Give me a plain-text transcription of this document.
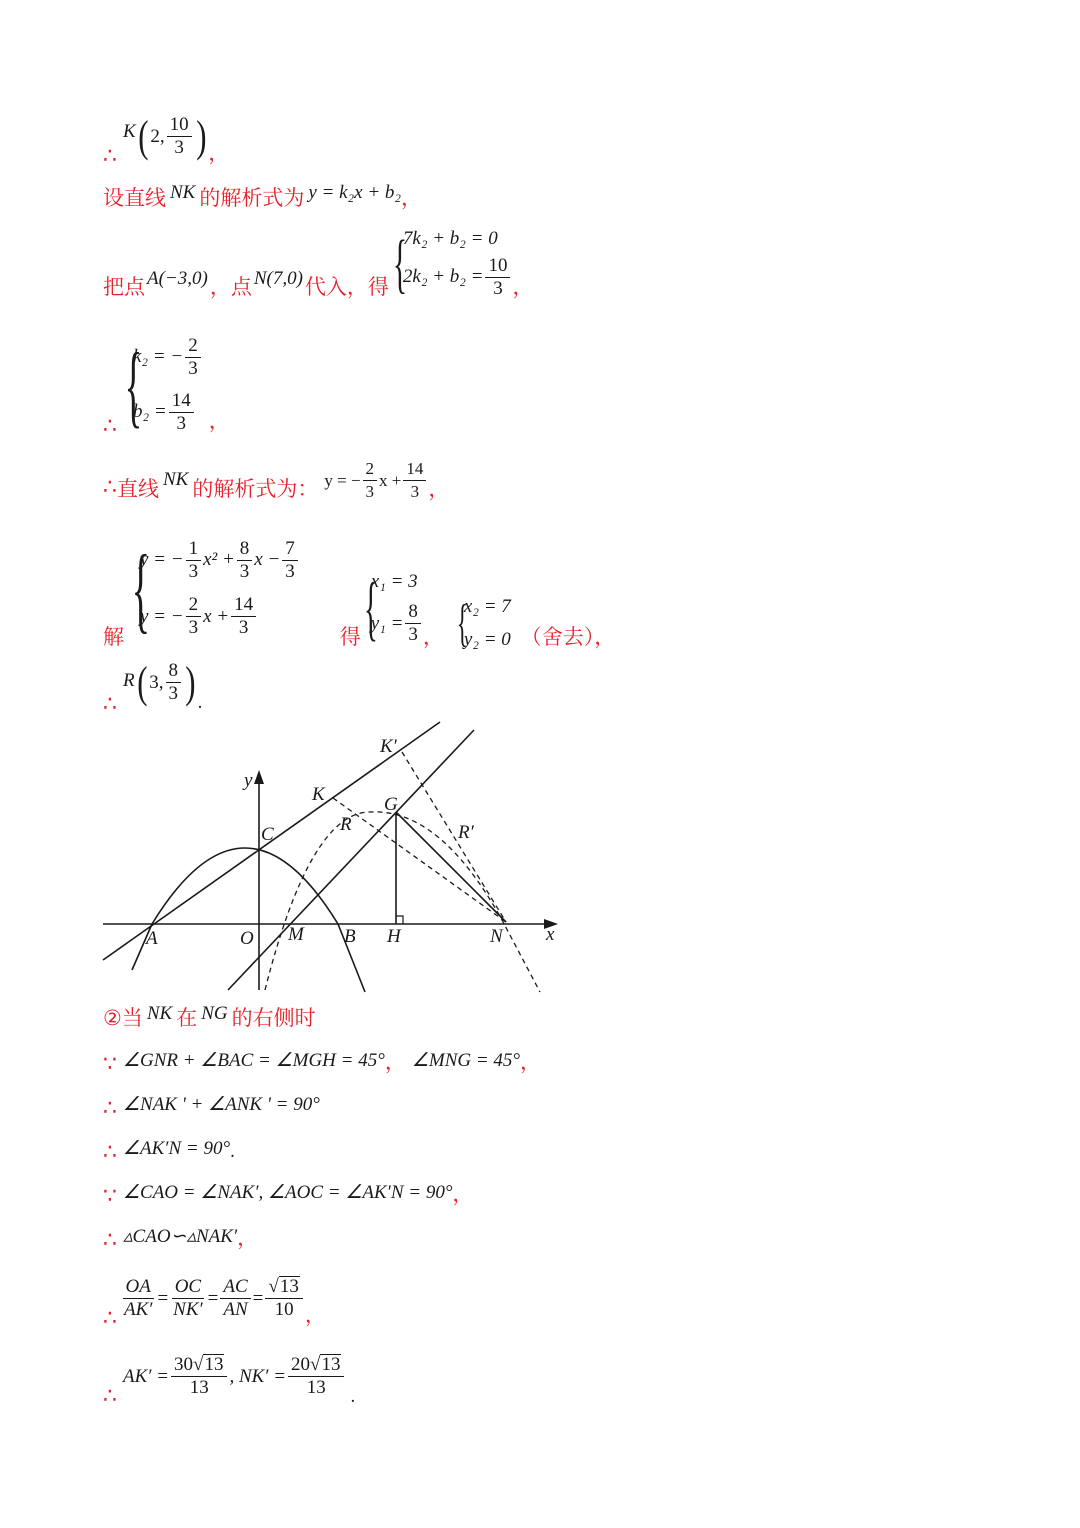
∴
K ( 2, $\frac{10}{3}$ ) ，
设直线 NK 的解析式为 y = k₂x + b₂ ，
把点 A(−3,0) ，点 N(7,0) 代入，得 {
7k₂ + b₂ = 0
$2k_2 + b_2 = \frac{10}{3}$ ，
∴ {
k₂ = − $\frac{2}{3}$
$b_2 = \frac{14}{3}$ ，
∴ 直线 NK 的解析式为： y = − $\frac{2}{3}$ $x + \frac{14}{3}$ ，
解 {
y = − $\frac{1}{3} x^2 + \frac{8}{3}$ $x - \frac{7}{3}$
y = − $\frac{2}{3}$ $x + \frac{14}{3}$	得 {
x₁ = 3
$y_1 = \frac{8}{3}$ ， {
x₂ = 7
y₂ = 0 （舍去），
∴
R ( 3, $\frac{8}{3}$ ) .
y
x
K′
K	G
R	R′
C
A	O M B H	N
②当 NK 在 NG 的右侧时
∵ ∠GNR + ∠BAC = ∠MGH = 45° ， ∠MNG = 45° ，
∴ ∠NAK ' + ∠ANK ' = 90°
∴ ∠AK′N = 90° .
∵ ∠CAO = ∠NAK′, ∠AOC = ∠AK′N = 90° ，
∴ ▵CAO∽▵NAK′ ，
∴ $\frac{OA}{AK'} = \frac{OC}{NK'} = \frac{AC}{AN} = \frac{√ 13}{10}$ ，
∴
$AK' = \frac{30 √ 13}{13}$ , $NK' = \frac{20 √ 13}{13}$ .
